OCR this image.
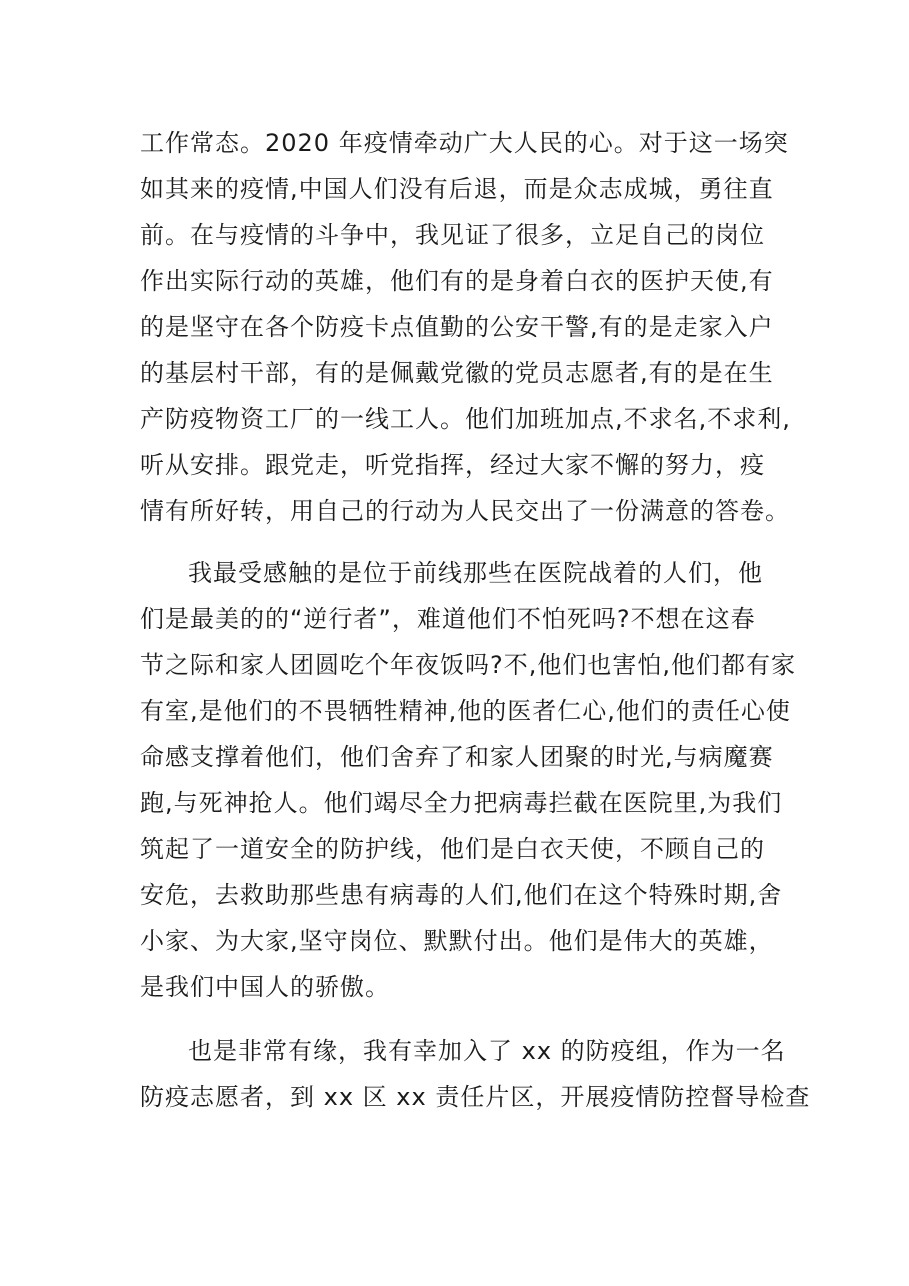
工作常态。2020 年疫情牵动广大人民的心。对于这一场突
如其来的疫情,中国人们没有后退，而是众志成城，勇往直
前。在与疫情的斗争中，我见证了很多，立足自己的岗位
作出实际行动的英雄，他们有的是身着白衣的医护天使,有
的是坚守在各个防疫卡点值勤的公安干警,有的是走家入户
的基层村干部，有的是佩戴党徽的党员志愿者,有的是在生
产防疫物资工厂的一线工人。他们加班加点,不求名,不求利,
听从安排。跟党走，听党指挥，经过大家不懈的努力，疫
情有所好转，用自己的行动为人民交出了一份满意的答卷。
我最受感触的是位于前线那些在医院战着的人们，他
们是最美的的“逆行者”，难道他们不怕死吗?不想在这春
节之际和家人团圆吃个年夜饭吗?不,他们也害怕,他们都有家
有室,是他们的不畏牺牲精神,他的医者仁心,他们的责任心使
命感支撑着他们，他们舍弃了和家人团聚的时光,与病魔赛
跑,与死神抢人。他们竭尽全力把病毒拦截在医院里,为我们
筑起了一道安全的防护线，他们是白衣天使，不顾自己的
安危，去救助那些患有病毒的人们,他们在这个特殊时期,舍
小家、为大家,坚守岗位、默默付出。他们是伟大的英雄，
是我们中国人的骄傲。
也是非常有缘，我有幸加入了 xx 的防疫组，作为一名
防疫志愿者，到 xx 区 xx 责任片区，开展疫情防控督导检查
